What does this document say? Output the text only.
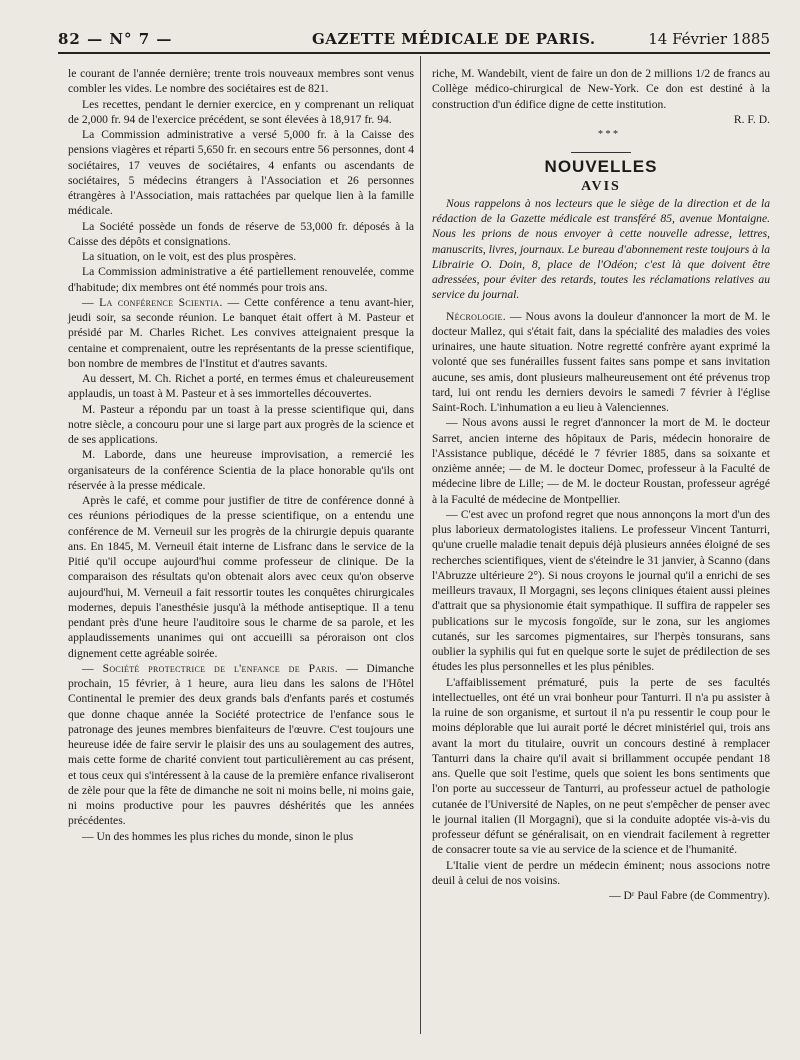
82 — N° 7 —	GAZETTE MÉDICALE DE PARIS.	14 Février 1885

le courant de l'année dernière; trente trois nouveaux membres sont venus combler les vides. Le nombre des sociétaires est de 821.

Les recettes, pendant le dernier exercice, en y comprenant un reliquat de 2,000 fr. 94 de l'exercice précédent, se sont élevées à 18,917 fr. 94.

La Commission administrative a versé 5,000 fr. à la Caisse des pensions viagères et réparti 5,650 fr. en secours entre 56 personnes, dont 4 sociétaires, 17 veuves de sociétaires, 4 enfants ou ascendants de sociétaires, 5 médecins étrangers à l'Association et 26 personnes étrangères à l'Association, mais rattachées par quelque lien à la famille médicale.

La Société possède un fonds de réserve de 53,000 fr. déposés à la Caisse des dépôts et consignations.

La situation, on le voit, est des plus prospères.

La Commission administrative a été partiellement renouvelée, comme d'habitude; dix membres ont été nommés pour trois ans.

— La conférence Scientia. — Cette conférence a tenu avant-hier, jeudi soir, sa seconde réunion. Le banquet était offert à M. Pasteur et présidé par M. Charles Richet. Les convives atteignaient presque la centaine et comprenaient, outre les représentants de la presse scientifique, bon nombre de membres de l'Institut et d'autres savants.

Au dessert, M. Ch. Richet a porté, en termes émus et chaleureusement applaudis, un toast à M. Pasteur et à ses immortelles découvertes.

M. Pasteur a répondu par un toast à la presse scientifique qui, dans notre siècle, a concouru pour une si large part aux progrès de la science et de ses applications.

M. Laborde, dans une heureuse improvisation, a remercié les organisateurs de la conférence Scientia de la place honorable qu'ils ont réservée à la presse médicale.

Après le café, et comme pour justifier de titre de conférence donné à ces réunions périodiques de la presse scientifique, on a entendu une conférence de M. Verneuil sur les progrès de la chirurgie depuis quarante ans. En 1845, M. Verneuil était interne de Lisfranc dans le service de la Pitié qu'il occupe aujourd'hui comme professeur de clinique. De la comparaison des résultats qu'on obtenait alors avec ceux qu'on observe aujourd'hui, M. Verneuil a fait ressortir toutes les conquêtes chirurgicales modernes, depuis l'anesthésie jusqu'à la méthode antiseptique. Il a tenu pendant près d'une heure l'auditoire sous le charme de sa parole, et les applaudissements unanimes qui ont accueilli sa péroraison ont clos dignement cette agréable soirée.

— Société protectrice de l'enfance de Paris. — Dimanche prochain, 15 février, à 1 heure, aura lieu dans les salons de l'Hôtel Continental le premier des deux grands bals d'enfants parés et costumés que donne chaque année la Société protectrice de l'enfance sous le patronage des jeunes membres bienfaiteurs de l'œuvre. C'est toujours une heureuse idée de faire servir le plaisir des uns au soulagement des autres, mais cette forme de charité convient tout particulièrement au cas présent, et tous ceux qui s'intéressent à la cause de la première enfance rivaliseront de zèle pour que la fête de dimanche ne soit ni moins belle, ni moins gaie, ni moins productive pour les pauvres déshérités que les années précédentes.

— Un des hommes les plus riches du monde, sinon le plus

riche, M. Wandebilt, vient de faire un don de 2 millions 1/2 de francs au Collège médico-chirurgical de New-York. Ce don est destiné à la construction d'un édifice digne de cette institution.

R. F. D.

* * *

NOUVELLES
AVIS

Nous rappelons à nos lecteurs que le siège de la direction et de la rédaction de la Gazette médicale est transféré 85, avenue Montaigne. Nous les prions de nous envoyer à cette nouvelle adresse, lettres, manuscrits, livres, journaux. Le bureau d'abonnement reste toujours à la Librairie O. Doin, 8, place de l'Odéon; c'est là que doivent être adressées, pour éviter des retards, toutes les réclamations relatives au service du journal.

Nécrologie. — Nous avons la douleur d'annoncer la mort de M. le docteur Mallez, qui s'était fait, dans la spécialité des maladies des voies urinaires, une haute situation. Notre regretté confrère ayant exprimé la volonté que ses funérailles fussent faites sans pompe et sans invitation aucune, ses amis, dont plusieurs malheureusement ont été prévenus trop tard, lui ont rendu les derniers devoirs le samedi 7 février à l'église Saint-Roch. L'inhumation a eu lieu à Valenciennes.

— Nous avons aussi le regret d'annoncer la mort de M. le docteur Sarret, ancien interne des hôpitaux de Paris, médecin honoraire de l'Assistance publique, décédé le 7 février 1885, dans sa soixante et onzième année; — de M. le docteur Domec, professeur à la Faculté de médecine libre de Lille; — de M. le docteur Roustan, professeur agrégé à la Faculté de médecine de Montpellier.

— C'est avec un profond regret que nous annonçons la mort d'un des plus laborieux dermatologistes italiens. Le professeur Vincent Tanturri, qu'une cruelle maladie tenait depuis déjà plusieurs années éloigné de ses recherches scientifiques, vient de s'éteindre le 31 janvier, à Scanno (dans l'Abruzze ultérieure 2°). Si nous croyons le journal qu'il a enrichi de ses meilleurs travaux, Il Morgagni, ses leçons cliniques étaient aussi pleines d'attrait que sa physionomie était sympathique. Il suffira de rappeler ses publications sur le mycosis fongoïde, sur le zona, sur les angiomes cutanés, sur les sarcomes pigmentaires, sur l'herpès tonsurans, sans oublier la syphilis qui fut en quelque sorte le sujet de prédilection de ses études les plus personnelles et les plus pénibles.

L'affaiblissement prématuré, puis la perte de ses facultés intellectuelles, ont été un vrai bonheur pour Tanturri. Il n'a pu assister à la ruine de son organisme, et surtout il n'a pu ressentir le coup pour le moins déplorable que lui aurait porté le décret ministériel qui, trois ans avant la mort du titulaire, ouvrit un concours destiné à remplacer Tanturri dans la chaire qu'il avait si brillamment occupée pendant 18 ans. Quelle que soit l'estime, quels que soient les bons sentiments que l'on porte au successeur de Tanturri, au professeur actuel de pathologie cutanée de l'Université de Naples, on ne peut s'empêcher de penser avec le journal italien (Il Morgagni), que si la conduite adoptée vis-à-vis du professeur défunt se généralisait, on en viendrait facilement à regretter de consacrer toute sa vie au service de la science et de l'humanité.

L'Italie vient de perdre un médecin éminent; nous associons notre deuil à celui de nos voisins.

— Dʳ Paul Fabre (de Commentry).
